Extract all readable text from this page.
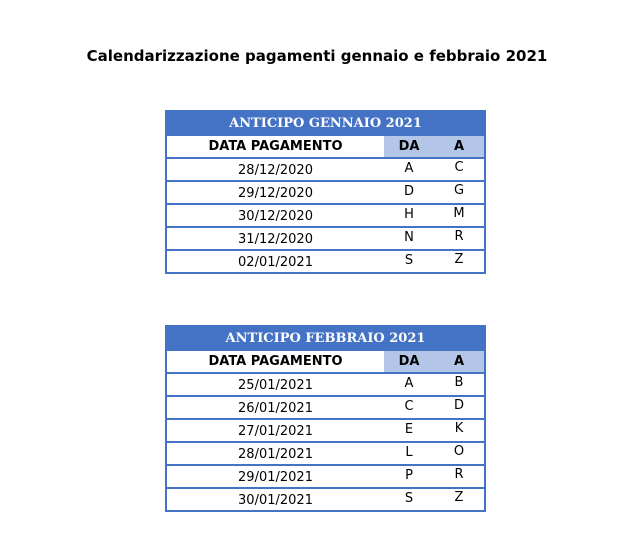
Calendarizzazione pagamenti gennaio e febbraio 2021
ANTICIPO GENNAIO 2021
DATA PAGAMENTO	DA	A
28/12/2020	A	C
29/12/2020	D	G
30/12/2020	H	M
31/12/2020	N	R
02/01/2021	S	Z
ANTICIPO FEBBRAIO 2021
DATA PAGAMENTO	DA	A
25/01/2021	A	B
26/01/2021	C	D
27/01/2021	E	K
28/01/2021	L	O
29/01/2021	P	R
30/01/2021	S	Z
